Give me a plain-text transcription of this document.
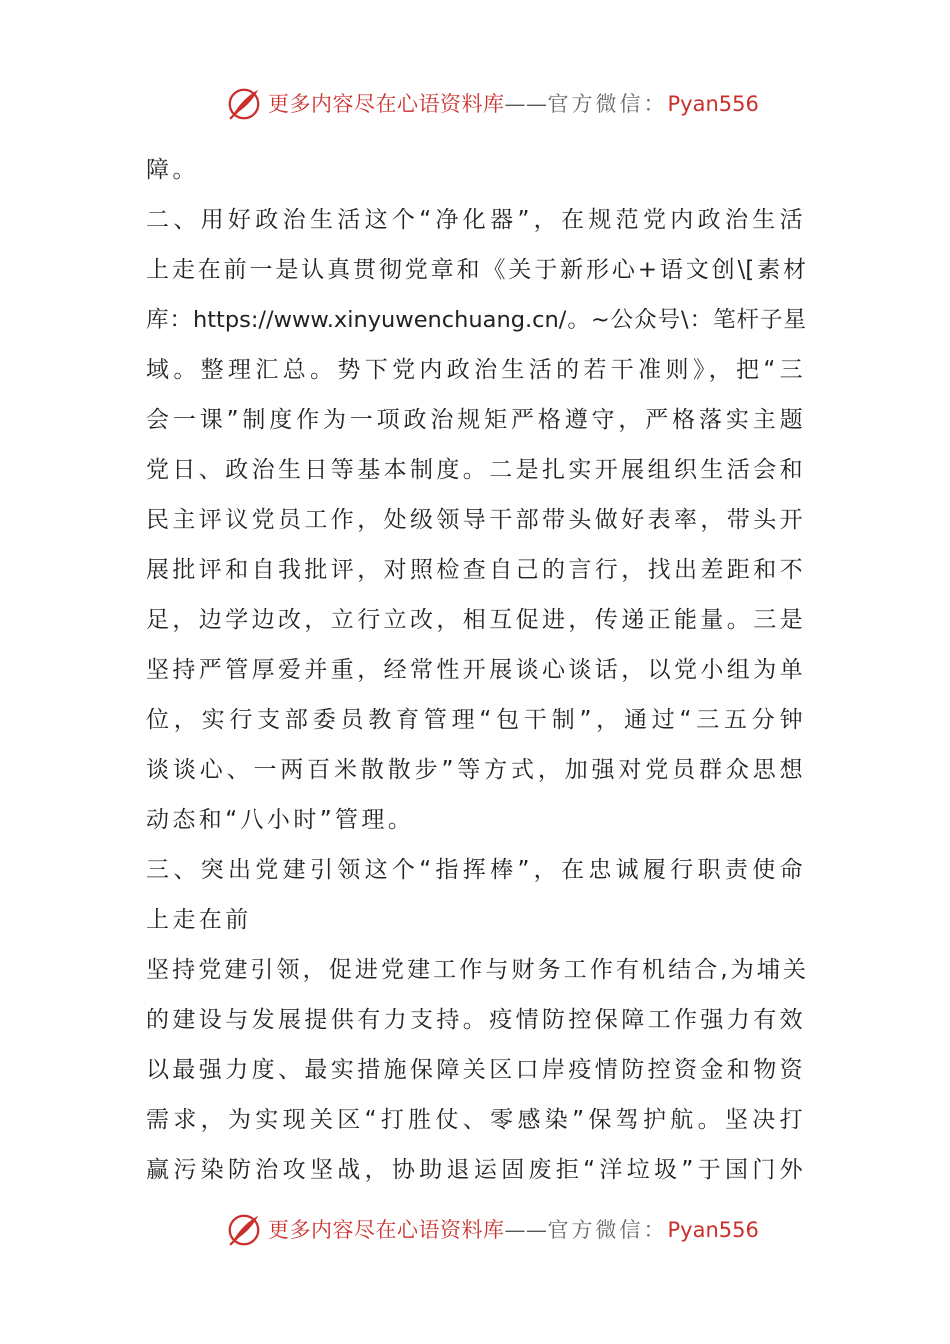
更多内容尽在心语资料库——官方微信：Pyan556
障。
二、用好政治生活这个“净化器”，在规范党内政治生活
上走在前一是认真贯彻党章和《关于新形心+语文创\[素材
库：https://www.xinyuwenchuang.cn/。~公众号\：笔杆子星
域。整理汇总。势下党内政治生活的若干准则》，把“三
会一课”制度作为一项政治规矩严格遵守，严格落实主题
党日、政治生日等基本制度。二是扎实开展组织生活会和
民主评议党员工作，处级领导干部带头做好表率，带头开
展批评和自我批评，对照检查自己的言行，找出差距和不
足，边学边改，立行立改，相互促进，传递正能量。三是
坚持严管厚爱并重，经常性开展谈心谈话，以党小组为单
位，实行支部委员教育管理“包干制”，通过“三五分钟
谈谈心、一两百米散散步”等方式，加强对党员群众思想
动态和“八小时”管理。
三、突出党建引领这个“指挥棒”，在忠诚履行职责使命
上走在前
坚持党建引领，促进党建工作与财务工作有机结合,为埔关
的建设与发展提供有力支持。疫情防控保障工作强力有效
以最强力度、最实措施保障关区口岸疫情防控资金和物资
需求，为实现关区“打胜仗、零感染”保驾护航。坚决打
赢污染防治攻坚战，协助退运固废拒“洋垃圾”于国门外
更多内容尽在心语资料库——官方微信：Pyan556
